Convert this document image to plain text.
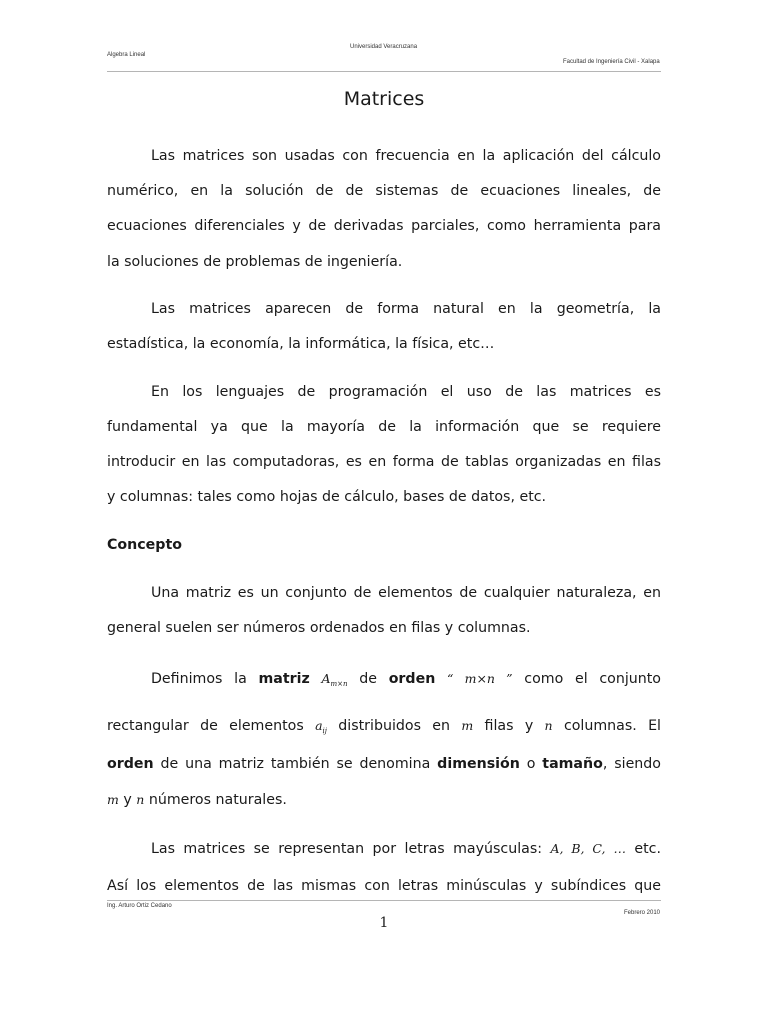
Universidad Veracruzana
Algebra Lineal
Facultad de Ingeniería Civil - Xalapa
Matrices
Las matrices son usadas con frecuencia en la aplicación del cálculo
numérico, en la solución de de sistemas de ecuaciones lineales, de
ecuaciones diferenciales y de derivadas parciales, como herramienta para
la soluciones de problemas de ingeniería.
Las matrices aparecen de forma natural en la geometría, la
estadística, la economía, la informática, la física, etc…
En los lenguajes de programación el uso de las matrices es
fundamental ya que la mayoría de la información que se requiere
introducir en las computadoras, es en forma de tablas organizadas en filas
y columnas: tales como hojas de cálculo, bases de datos, etc.
Concepto
Una matriz es un conjunto de elementos de cualquier naturaleza, en
general suelen ser números ordenados en filas y columnas.
Definimos la matriz $A_{m\times n}$ de orden “ m×n ” como el conjunto
rectangular de elementos $a_{ij}$ distribuidos en m filas y n columnas. El
orden de una matriz también se denomina dimensión o tamaño, siendo
m y n números naturales.
Las matrices se representan por letras mayúsculas: A, B, C, … etc.
Así los elementos de las mismas con letras minúsculas y subíndices que
Ing. Arturo Ortiz Cedano
Febrero 2010
1
